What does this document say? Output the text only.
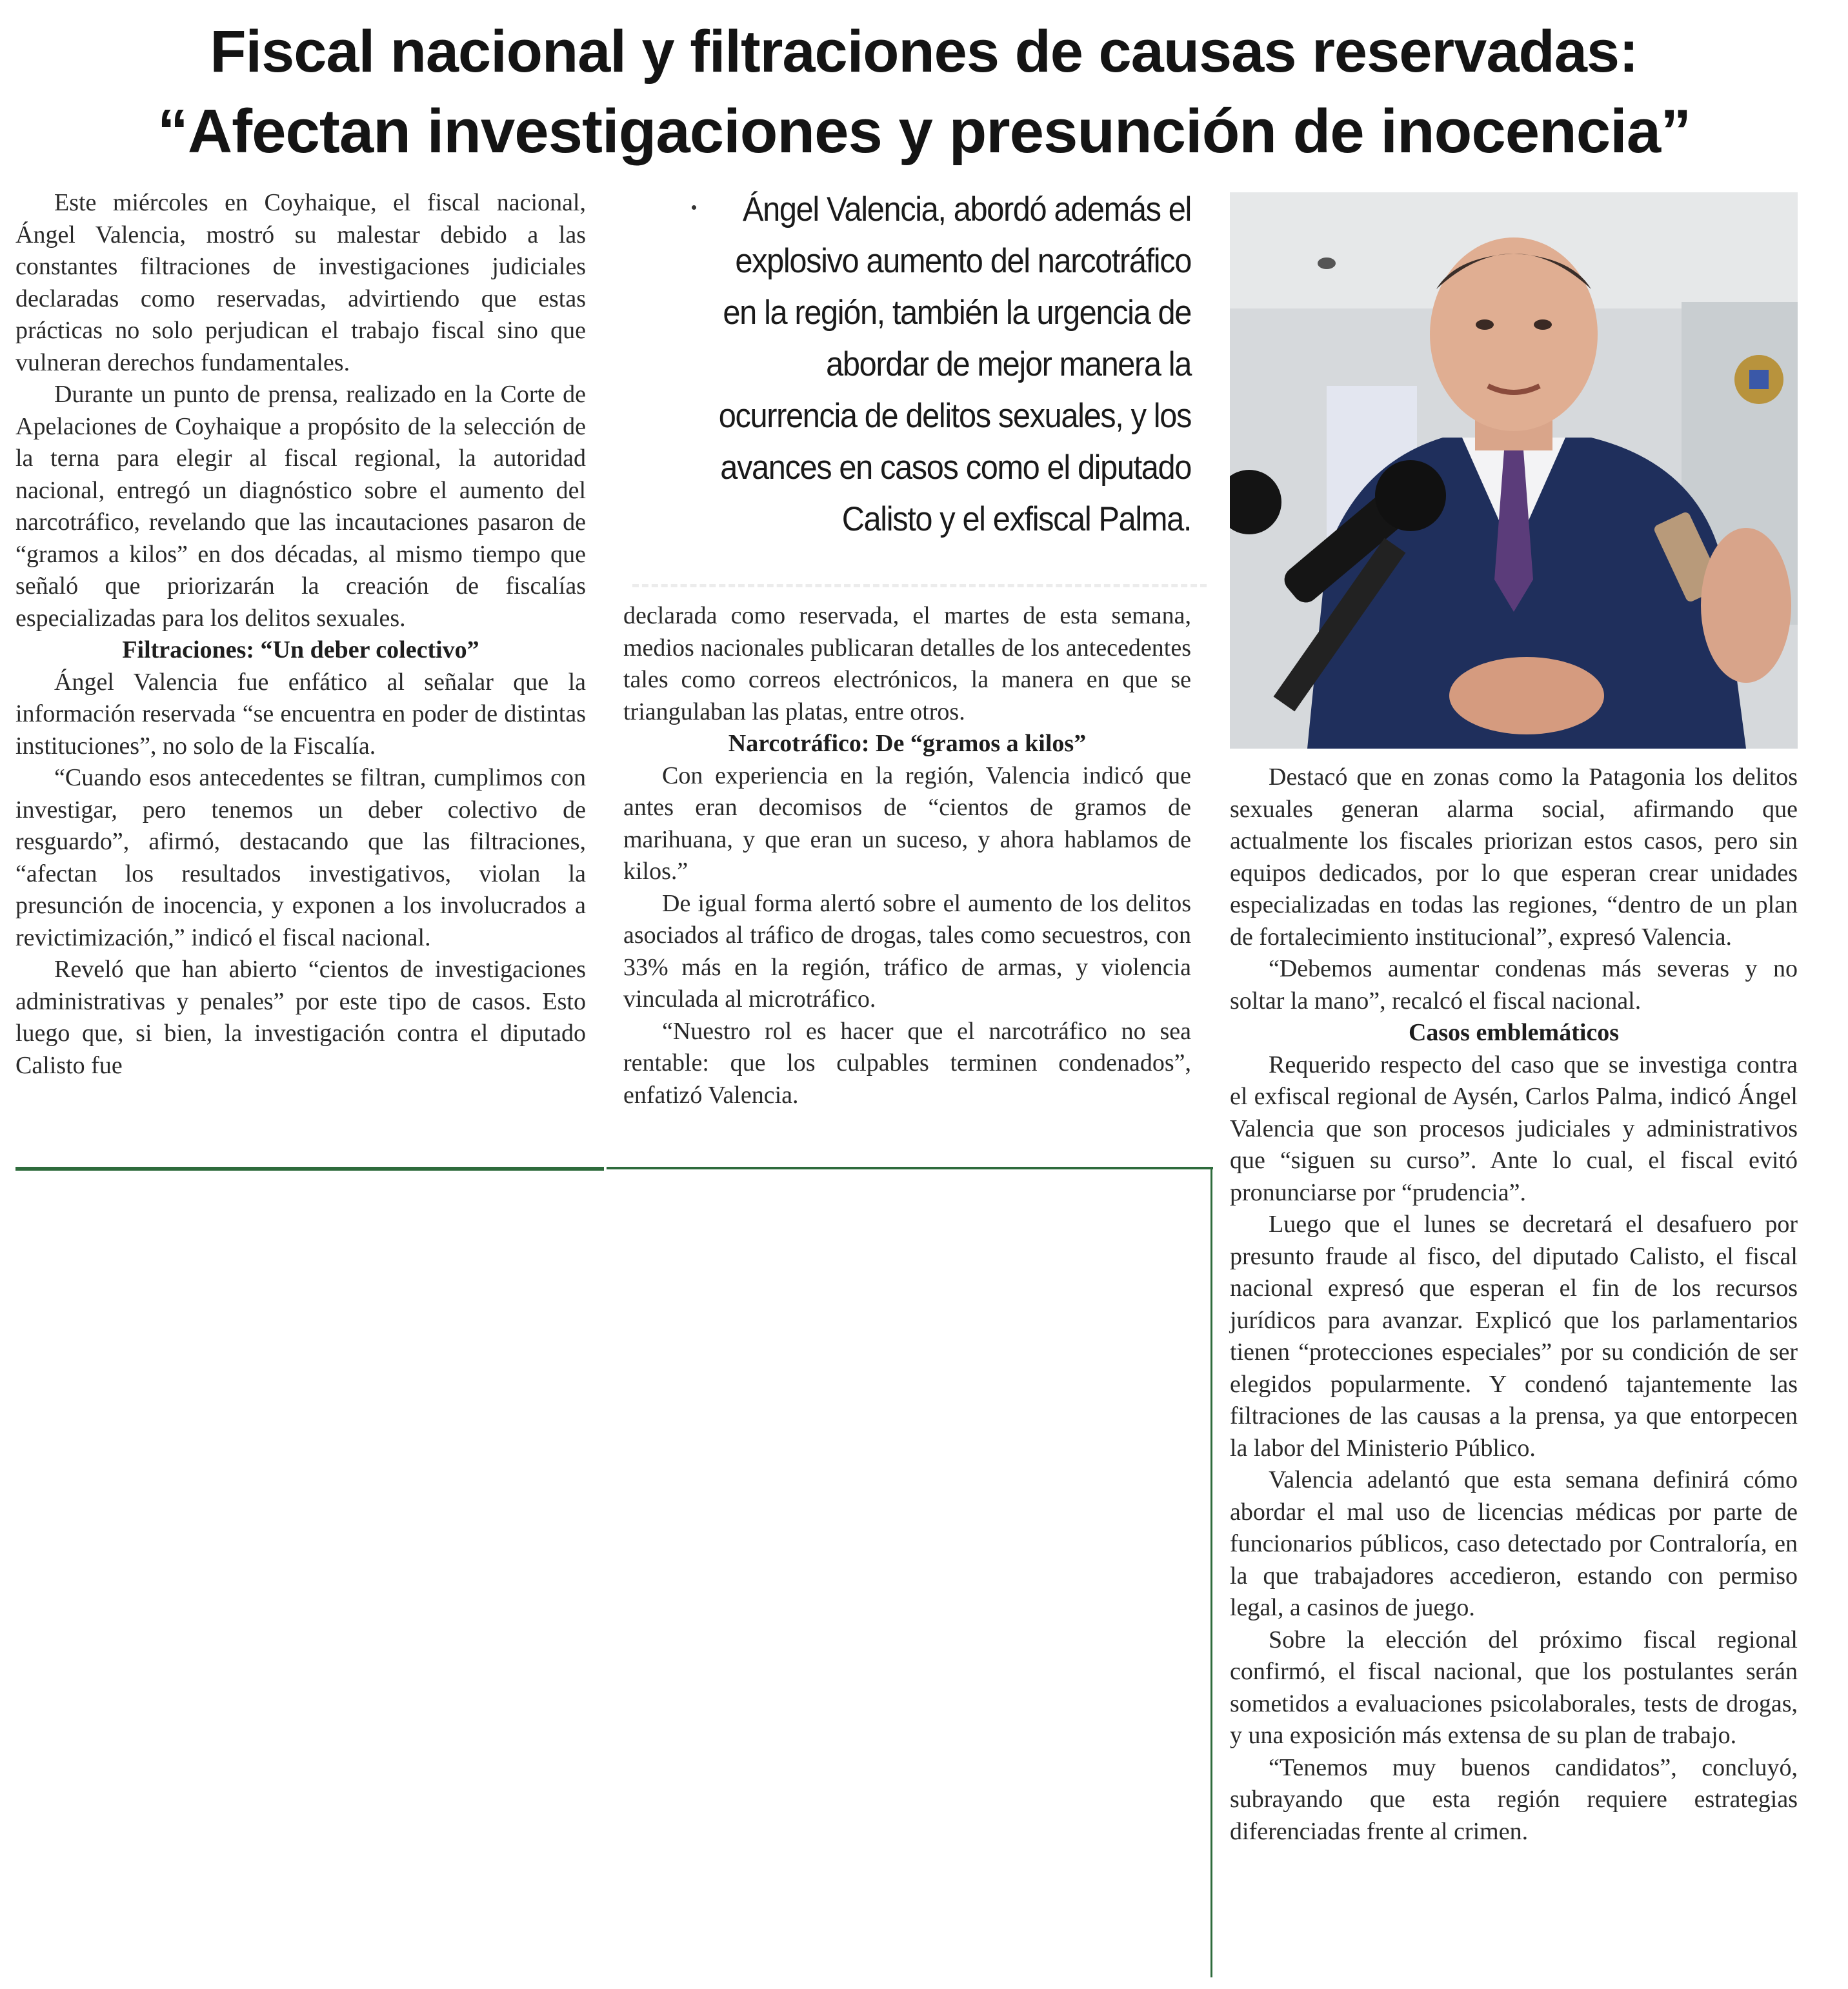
Fiscal nacional y filtraciones de causas reservadas:
“Afectan investigaciones y presunción de inocencia”

Este miércoles en Coyhaique, el fiscal nacional, Ángel Valencia, mostró su malestar debido a las constantes filtraciones de investigaciones judiciales declaradas como reservadas, advirtiendo que estas prácticas no solo perjudican el trabajo fiscal sino que vulneran derechos fundamentales.

Durante un punto de prensa, realizado en la Corte de Apelaciones de Coyhaique a propósito de la selección de la terna para elegir al fiscal regional, la autoridad nacional, entregó un diagnóstico sobre el aumento del narcotráfico, revelando que las incautaciones pasaron de “gramos a kilos” en dos décadas, al mismo tiempo que señaló que priorizarán la creación de fiscalías especializadas para los delitos sexuales.

Filtraciones: “Un deber colectivo”

Ángel Valencia fue enfático al señalar que la información reservada “se encuentra en poder de distintas instituciones”, no solo de la Fiscalía.

“Cuando esos antecedentes se filtran, cumplimos con investigar, pero tenemos un deber colectivo de resguardo”, afirmó, destacando que las filtraciones, “afectan los resultados investigativos, violan la presunción de inocencia, y exponen a los involucrados a revictimización,” indicó el fiscal nacional.

Reveló que han abierto “cientos de investigaciones administrativas y penales” por este tipo de casos. Esto luego que, si bien, la investigación contra el diputado Calisto fue

Ángel Valencia, abordó además el explosivo aumento del narcotráfico en la región, también la urgencia de abordar de mejor manera la ocurrencia de delitos sexuales, y los avances en casos como el diputado Calisto y el exfiscal Palma.

declarada como reservada, el martes de esta semana, medios nacionales publicaran detalles de los antecedentes tales como correos electrónicos, la manera en que se triangulaban las platas, entre otros.

Narcotráfico: De “gramos a kilos”

Con experiencia en la región, Valencia indicó que antes eran decomisos de “cientos de gramos de marihuana, y que eran un suceso, y ahora hablamos de kilos.”

De igual forma alertó sobre el aumento de los delitos asociados al tráfico de drogas, tales como secuestros, con 33% más en la región, tráfico de armas, y violencia vinculada al microtráfico.

“Nuestro rol es hacer que el narcotráfico no sea rentable: que los culpables terminen condenados”, enfatizó Valencia.

Destacó que en zonas como la Patagonia los delitos sexuales generan alarma social, afirmando que actualmente los fiscales priorizan estos casos, pero sin equipos dedicados, por lo que esperan crear unidades especializadas en todas las regiones, “dentro de un plan de fortalecimiento institucional”, expresó Valencia.

“Debemos aumentar condenas más severas y no soltar la mano”, recalcó el fiscal nacional.

Casos emblemáticos

Requerido respecto del caso que se investiga contra el exfiscal regional de Aysén, Carlos Palma, indicó Ángel Valencia que son procesos judiciales y administrativos que “siguen su curso”. Ante lo cual, el fiscal evitó pronunciarse por “prudencia”.

Luego que el lunes se decretará el desafuero por presunto fraude al fisco, del diputado Calisto, el fiscal nacional expresó que esperan el fin de los recursos jurídicos para avanzar. Explicó que los parlamentarios tienen “protecciones especiales” por su condición de ser elegidos popularmente. Y condenó tajantemente las filtraciones de las causas a la prensa, ya que entorpecen la labor del Ministerio Público.

Valencia adelantó que esta semana definirá cómo abordar el mal uso de licencias médicas por parte de funcionarios públicos, caso detectado por Contraloría, en la que trabajadores accedieron, estando con permiso legal, a casinos de juego.

Sobre la elección del próximo fiscal regional confirmó, el fiscal nacional, que los postulantes serán sometidos a evaluaciones psicolaborales, tests de drogas, y una exposición más extensa de su plan de trabajo.

“Tenemos muy buenos candidatos”, concluyó, subrayando que esta región requiere estrategias diferenciadas frente al crimen.
